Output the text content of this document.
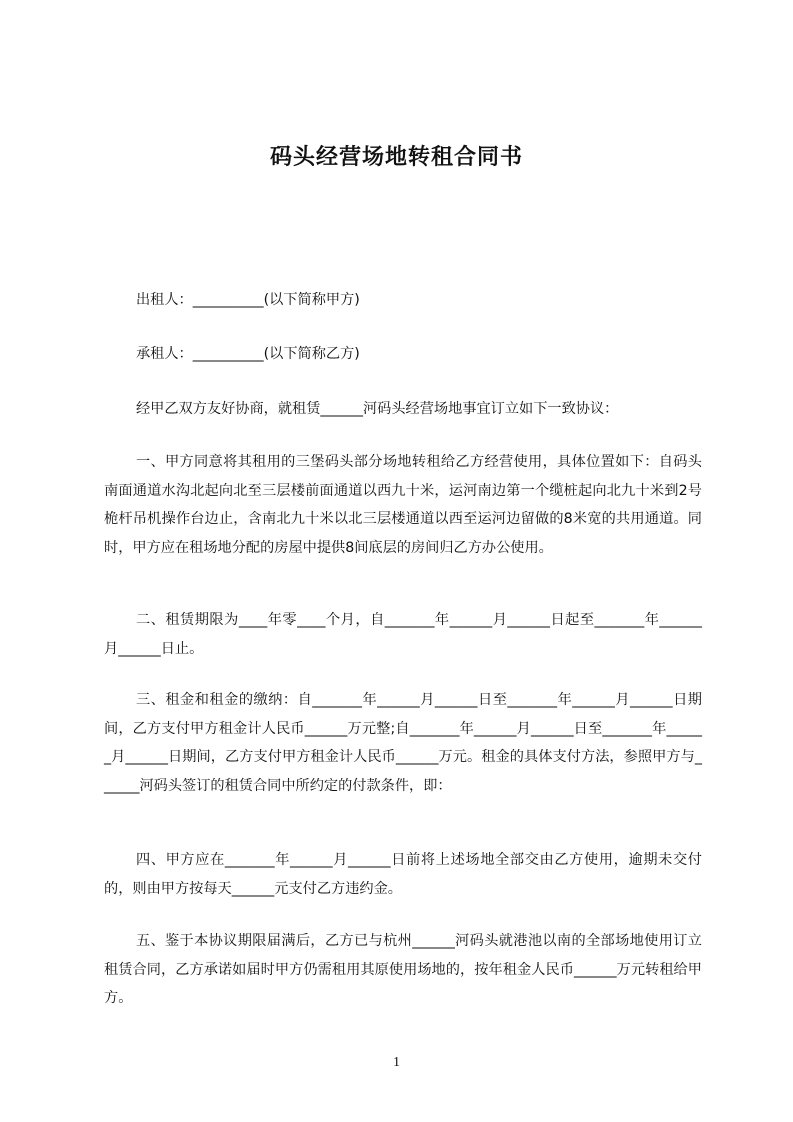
码头经营场地转租合同书

出租人：__________(以下简称甲方)

承租人：__________(以下简称乙方)

经甲乙双方友好协商，就租赁______河码头经营场地事宜订立如下一致协议：

一、甲方同意将其租用的三堡码头部分场地转租给乙方经营使用，具体位置如下：自码头南面通道水沟北起向北至三层楼前面通道以西九十米，运河南边第一个缆桩起向北九十米到2号桅杆吊机操作台边止，含南北九十米以北三层楼通道以西至运河边留做的8米宽的共用通道。同时，甲方应在租场地分配的房屋中提供8间底层的房间归乙方办公使用。

二、租赁期限为____年零____个月，自_______年______月______日起至_______年______月______日止。

三、租金和租金的缴纳：自_______年______月______日至_______年______月______日期间，乙方支付甲方租金计人民币______万元整;自_______年______月______日至_______年______月______日期间，乙方支付甲方租金计人民币______万元。租金的具体支付方法，参照甲方与______河码头签订的租赁合同中所约定的付款条件，即：

四、甲方应在_______年______月______日前将上述场地全部交由乙方使用，逾期未交付的，则由甲方按每天______元支付乙方违约金。

五、鉴于本协议期限届满后，乙方已与杭州______河码头就港池以南的全部场地使用订立租赁合同，乙方承诺如届时甲方仍需租用其原使用场地的，按年租金人民币______万元转租给甲方。

1
